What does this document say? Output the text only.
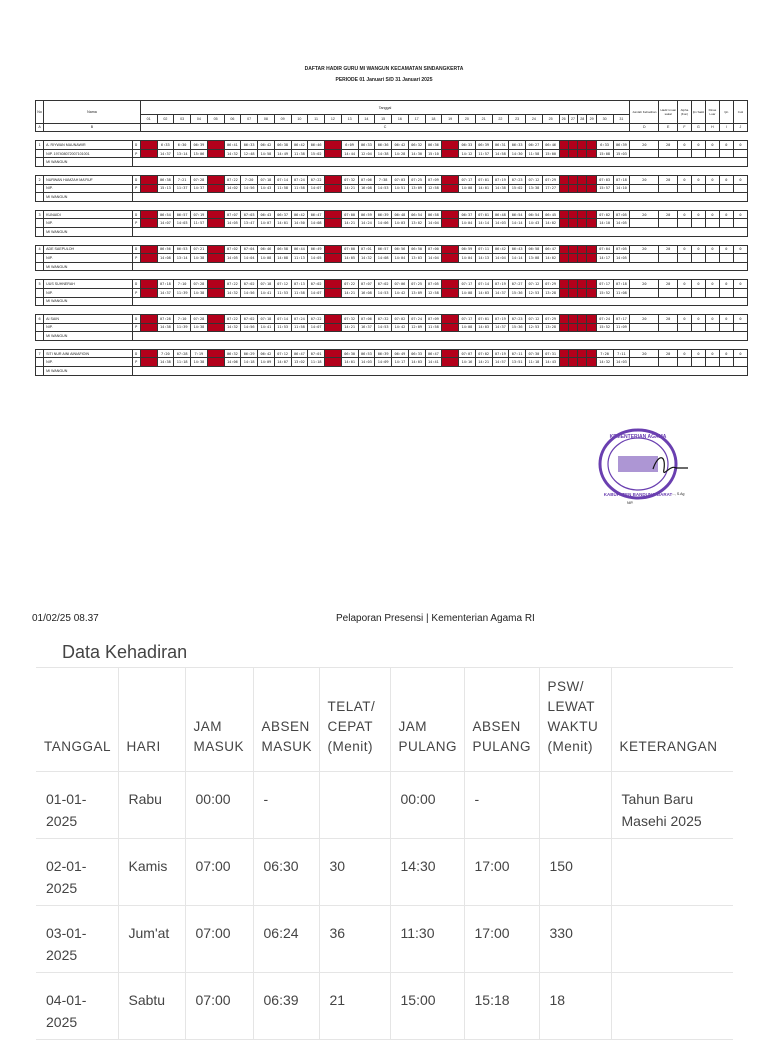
DAFTAR HADIR GURU MI WANGUN KECAMATAN SINDANGKERTA
PERIODE 01 Januari S/D 31 Januari 2025
No	Nama		Tanggal																															Jumlah Kehadiran	Hadir tmuai sakal	Alpha (Kon)	Ijin Sakit	Dinas Luar	Ijin	Cuti
			01	02	03	04	05	06	07	08	09	10	11	12	13	14	15	16	17	18	19	20	21	22	23	24	25	26	27	28	29	30	31							
A	B		C																															D	E	F	G	H	I	J

1	A. RIYWAN MAUNAWIR	D		6:33	6:30	06:39		06:41	06:33	06:42	06:38	06:42	06:46		6:09	06:33	06:36	06:42	06:32	06:36		06:33	06:39	06:31	06:33	06:27	06:46					6:33	06:39	20	20	0	0	0	0	0
	NIP. 197408072007101001	P		14:37	13:14	15:06		14:32	12:48	14:58	14:49	11:38	15:02		14:44	12:04	14:38	14:28	14:30	15:10		14:12	11:57	14:58	14:30	11:58	15:00					15:08	15:03							
	MI WANGUN																																							

2	NURWAN HAMZAH MA'RUF	D		06:38	7:21	07:28		07:22	7:20	07:18	07:14	07:24	07:22		07:32	07:06	7:38	07:03	07:25	07:09		07:17	07:01	07:19	07:23	07:12	07:29					07:03	07:18	20	20	0	0	0	0	0
	NIP.	P		15:13	11:37	14:37		14:02	14:56	14:43	11:58	11:58	14:07		14:21	16:08	14:53	14:51	13:09	12:58		14:08	14:01	14:38	15:02	13:38	17:27					15:57	14:10							
	MI WANGUN																																							

3	KUNAIDI	D		06:54	06:57	07:19		07:07	07:03	06:43	06:37	06:42	06:47		07:00	06:59	06:39	06:48	06:54	06:58		06:37	07:01	06:48	06:54	06:54	06:45					07:02	07:05	20	20	0	0	0	0	0
	NIP.	P		14:07	14:03	11:57		14:05	13:47	14:07	14:01	14:50	14:08		14:21	14:24	14:06	14:03	13:02	14:04		14:04	14:14	14:03	14:14	14:43	14:02					14:10	14:05							
	MI WANGUN																																							

4	ADE SAEPULOH	D		06:56	06:53	07:21		07:02	07:04	06:46	06:58	06:44	06:49		07:00	07:01	06:57	06:56	06:50	07:00		06:59	07:11	06:42	06:43	06:58	06:47					07:04	07:05	20	20	0	0	0	0	0
	NIP.	P		14:08	13:14	14:38		14:05	14:04	14:08	14:08	11:13	14:05		14:05	14:32	14:08	14:04	13:03	14:04		14:04	14:13	14:04	14:14	13:08	14:02					14:17	14:05							
	MI WANGUN																																							

5	UUS SUHNERAH	D		07:18	7:10	07:28		07:22	07:02	07:18	07:12	07:13	07:02		07:22	07:07	07:02	07:06	07:25	07:05		07:17	07:14	07:19	07:27	07:12	07:29					07:17	07:18	20	20	0	0	0	0	0
	NIP.	P		14:37	11:39	14:38		14:32	14:56	14:41	11:53	11:58	14:07		14:21	16:08	14:53	14:42	13:09	12:58		14:08	14:03	14:37	15:36	12:53	13:28					15:52	11:08							
	MI WANGUN																																							

6	AI SAIN	D		07:28	7:10	07:28		07:22	07:02	07:18	07:14	07:24	07:22		07:32	07:06	07:32	07:02	07:24	07:09		07:17	07:01	07:19	07:23	07:12	07:29					07:24	07:17	20	20	0	0	0	0	0
	NIP.	P		14:38	11:39	14:38		14:32	14:56	14:41	11:53	11:58	14:07		14:21	16:37	14:53	14:42	12:09	11:58		14:08	14:03	14:37	15:36	12:53	13:28					15:52	11:09							
	MI WANGUN																																							

7	SITI NUR AINI AINIAFIOIN	D		7:20	07:28	7:19		06:32	06:29	06:42	07:12	06:47	07:01		06:30	06:53	06:39	06:49	06:33	06:47		07:07	07:02	07:19	07:11	07:30	07:31					7:20	7:11	20	20	0	0	0	0	0
	NIP.	P		14:38	11:18	14:38		14:06	14:18	14:09	14:07	13:02	11:18		14:01	14:03	14:09	14:17	14:03	14:41		14:16	14:21	14:57	13:51	11:18	14:43					14:32	14:03							
	MI WANGUN																																							
KEMENTERIAN AGAMA
KABUPATEN BANDUNG BARAT ..., S.Ag
NIP.
01/02/25 08.37	Pelaporan Presensi | Kementerian Agama RI
Data Kehadiran
TANGGAL	HARI	JAM MASUK	ABSEN MASUK	TELAT/ CEPAT (Menit)	JAM PULANG	ABSEN PULANG	PSW/ LEWAT WAKTU (Menit)	KETERANGAN
01-01-2025	Rabu	00:00	-		00:00	-		Tahun Baru Masehi 2025
02-01-2025	Kamis	07:00	06:30	30	14:30	17:00	150	
03-01-2025	Jum'at	07:00	06:24	36	11:30	17:00	330	
04-01-2025	Sabtu	07:00	06:39	21	15:00	15:18	18	
